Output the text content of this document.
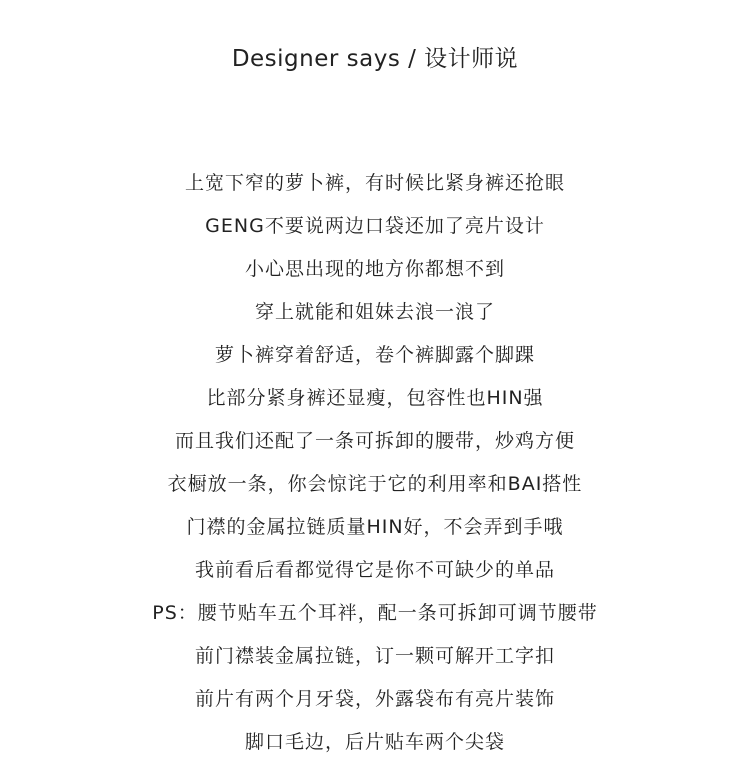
Designer says / 设计师说
上宽下窄的萝卜裤，有时候比紧身裤还抢眼
GENG不要说两边口袋还加了亮片设计
小心思出现的地方你都想不到
穿上就能和姐妹去浪一浪了
萝卜裤穿着舒适，卷个裤脚露个脚踝
比部分紧身裤还显瘦，包容性也HIN强
而且我们还配了一条可拆卸的腰带，炒鸡方便
衣橱放一条，你会惊诧于它的利用率和BAI搭性
门襟的金属拉链质量HIN好，不会弄到手哦
我前看后看都觉得它是你不可缺少的单品
PS：腰节贴车五个耳袢，配一条可拆卸可调节腰带
前门襟装金属拉链，订一颗可解开工字扣
前片有两个月牙袋，外露袋布有亮片装饰
脚口毛边，后片贴车两个尖袋
